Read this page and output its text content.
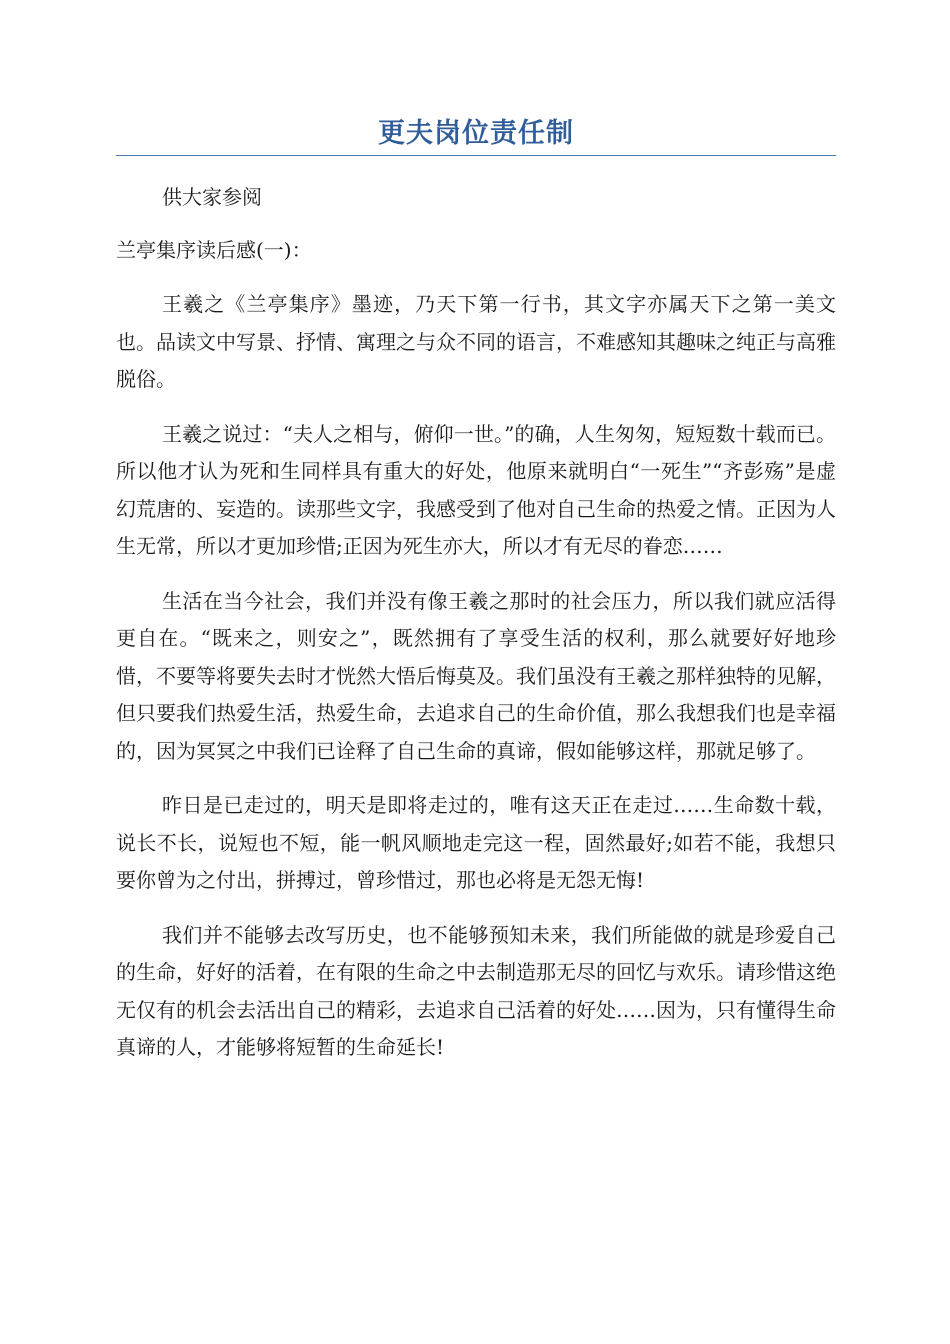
更夫岗位责任制

供大家参阅

兰亭集序读后感(一)：

王羲之《兰亭集序》墨迹，乃天下第一行书，其文字亦属天下之第一美文也。品读文中写景、抒情、寓理之与众不同的语言，不难感知其趣味之纯正与高雅脱俗。

王羲之说过：“夫人之相与，俯仰一世。”的确，人生匆匆，短短数十载而已。所以他才认为死和生同样具有重大的好处，他原来就明白“一死生”“齐彭殇”是虚幻荒唐的、妄造的。读那些文字，我感受到了他对自己生命的热爱之情。正因为人生无常，所以才更加珍惜;正因为死生亦大，所以才有无尽的眷恋……

生活在当今社会，我们并没有像王羲之那时的社会压力，所以我们就应活得更自在。“既来之，则安之”，既然拥有了享受生活的权利，那么就要好好地珍惜，不要等将要失去时才恍然大悟后悔莫及。我们虽没有王羲之那样独特的见解，但只要我们热爱生活，热爱生命，去追求自己的生命价值，那么我想我们也是幸福的，因为冥冥之中我们已诠释了自己生命的真谛，假如能够这样，那就足够了。

昨日是已走过的，明天是即将走过的，唯有这天正在走过……生命数十载，说长不长，说短也不短，能一帆风顺地走完这一程，固然最好;如若不能，我想只要你曾为之付出，拼搏过，曾珍惜过，那也必将是无怨无悔!

我们并不能够去改写历史，也不能够预知未来，我们所能做的就是珍爱自己的生命，好好的活着，在有限的生命之中去制造那无尽的回忆与欢乐。请珍惜这绝无仅有的机会去活出自己的精彩，去追求自己活着的好处……因为，只有懂得生命真谛的人，才能够将短暂的生命延长!
